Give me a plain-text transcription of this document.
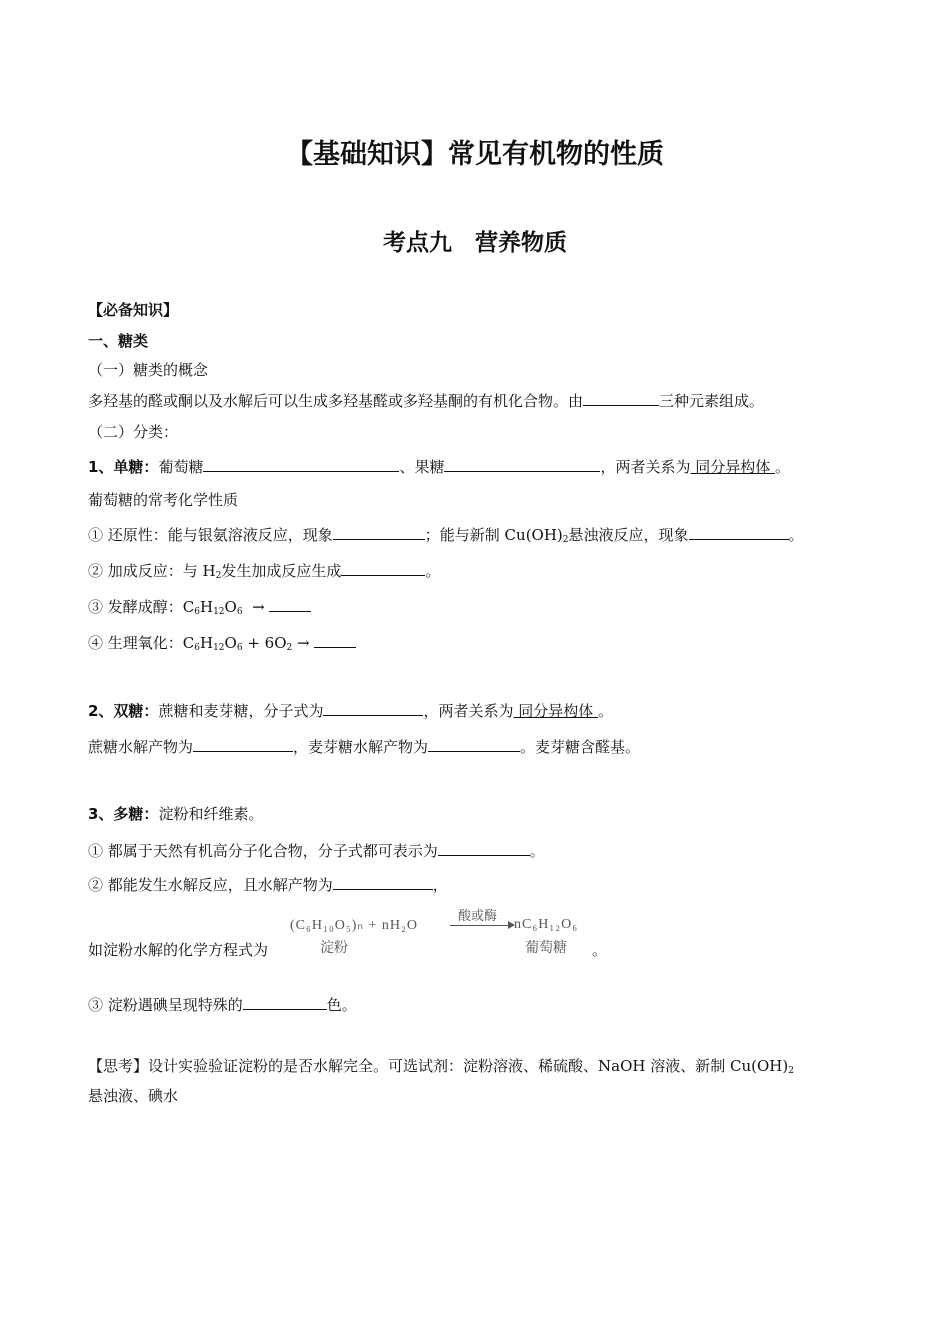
【基础知识】常见有机物的性质
考点九　营养物质
【必备知识】
一、糖类
（一）糖类的概念
多羟基的醛或酮以及水解后可以生成多羟基醛或多羟基酮的有机化合物。由	三种元素组成。
（二）分类：
1、单糖：葡萄糖	、果糖	，两者关系为 同分异构体 。
葡萄糖的常考化学性质
① 还原性：能与银氨溶液反应，现象	；能与新制 $Cu(OH)_2$悬浊液反应，现象	。
② 加成反应：与 $H_2$发生加成反应生成	。
③ 发酵成醇：$C_6H_{12}O_6$  →
④ 生理氧化：$C_6H_{12}O_6 + 6O_2$ →
2、双糖：蔗糖和麦芽糖，分子式为	，两者关系为 同分异构体 。
蔗糖水解产物为	，麦芽糖水解产物为	。麦芽糖含醛基。
3、多糖：淀粉和纤维素。
① 都属于天然有机高分子化合物，分子式都可表示为	。
② 都能发生水解反应，且水解产物为	，
如淀粉水解的化学方程式为
(C₆H₁₀O₅)ₙ + nH₂O
酸或酶
nC₆H₁₂O₆
淀粉	葡萄糖 。
③ 淀粉遇碘呈现特殊的	色。
【思考】设计实验验证淀粉的是否水解完全。可选试剂：淀粉溶液、稀硫酸、NaOH 溶液、新制 $Cu(OH)_2$
悬浊液、碘水
